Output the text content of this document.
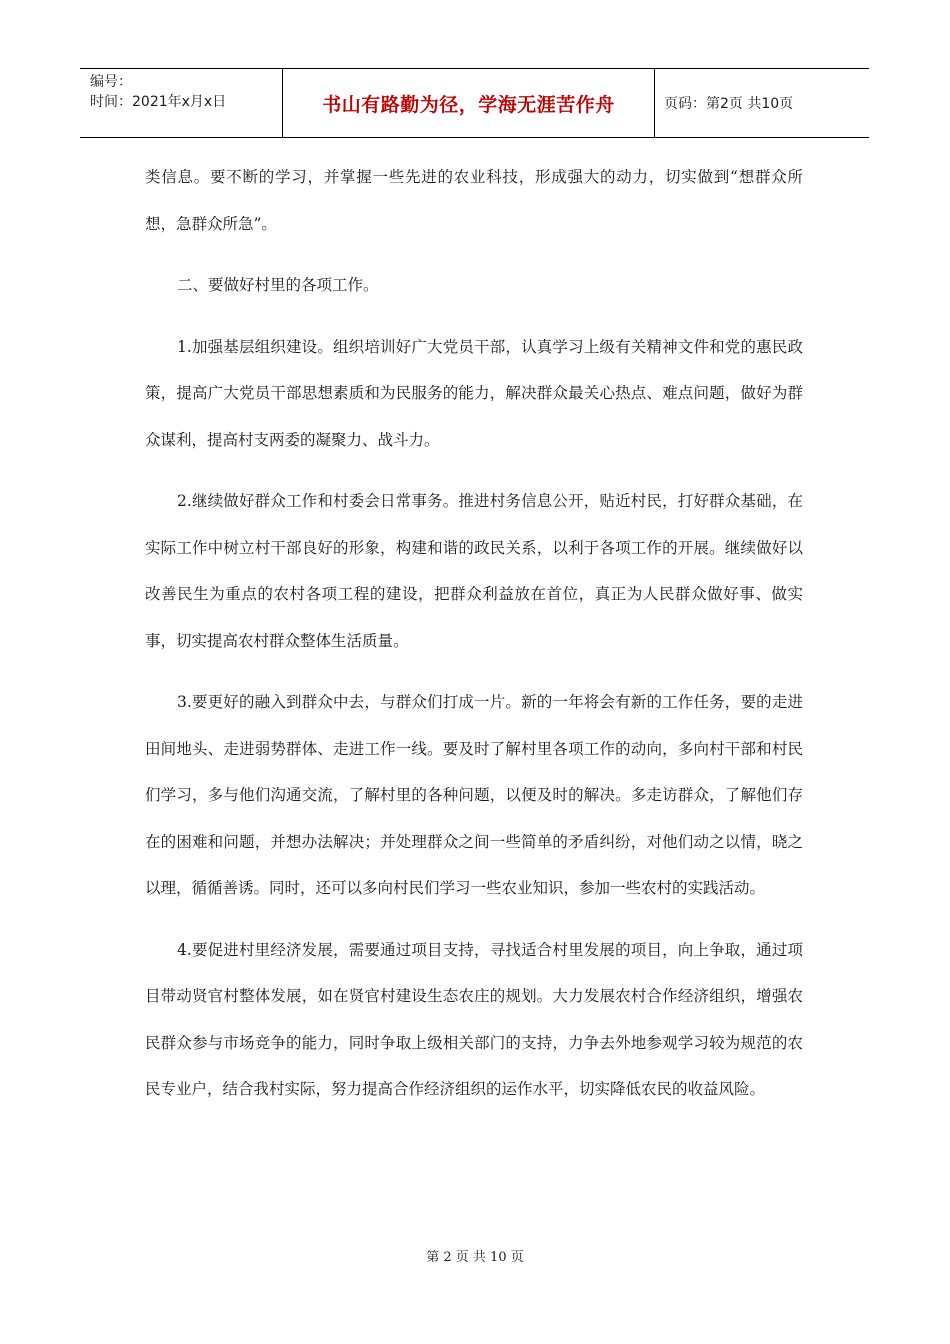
编号：
时间：2021年x月x日	书山有路勤为径，学海无涯苦作舟	页码：第2页 共10页

类信息。要不断的学习，并掌握一些先进的农业科技，形成强大的动力，切实做到“想群众所想，急群众所急”。

二、要做好村里的各项工作。

1.加强基层组织建设。组织培训好广大党员干部，认真学习上级有关精神文件和党的惠民政策，提高广大党员干部思想素质和为民服务的能力，解决群众最关心热点、难点问题，做好为群众谋利，提高村支两委的凝聚力、战斗力。

2.继续做好群众工作和村委会日常事务。推进村务信息公开，贴近村民，打好群众基础，在实际工作中树立村干部良好的形象，构建和谐的政民关系，以利于各项工作的开展。继续做好以改善民生为重点的农村各项工程的建设，把群众利益放在首位，真正为人民群众做好事、做实事，切实提高农村群众整体生活质量。

3.要更好的融入到群众中去，与群众们打成一片。新的一年将会有新的工作任务，要的走进田间地头、走进弱势群体、走进工作一线。要及时了解村里各项工作的动向，多向村干部和村民们学习，多与他们沟通交流，了解村里的各种问题，以便及时的解决。多走访群众，了解他们存在的困难和问题，并想办法解决；并处理群众之间一些简单的矛盾纠纷，对他们动之以情，晓之以理，循循善诱。同时，还可以多向村民们学习一些农业知识，参加一些农村的实践活动。

4.要促进村里经济发展，需要通过项目支持，寻找适合村里发展的项目，向上争取，通过项目带动贤官村整体发展，如在贤官村建设生态农庄的规划。大力发展农村合作经济组织，增强农民群众参与市场竞争的能力，同时争取上级相关部门的支持，力争去外地参观学习较为规范的农民专业户，结合我村实际，努力提高合作经济组织的运作水平，切实降低农民的收益风险。

第 2 页 共 10 页
